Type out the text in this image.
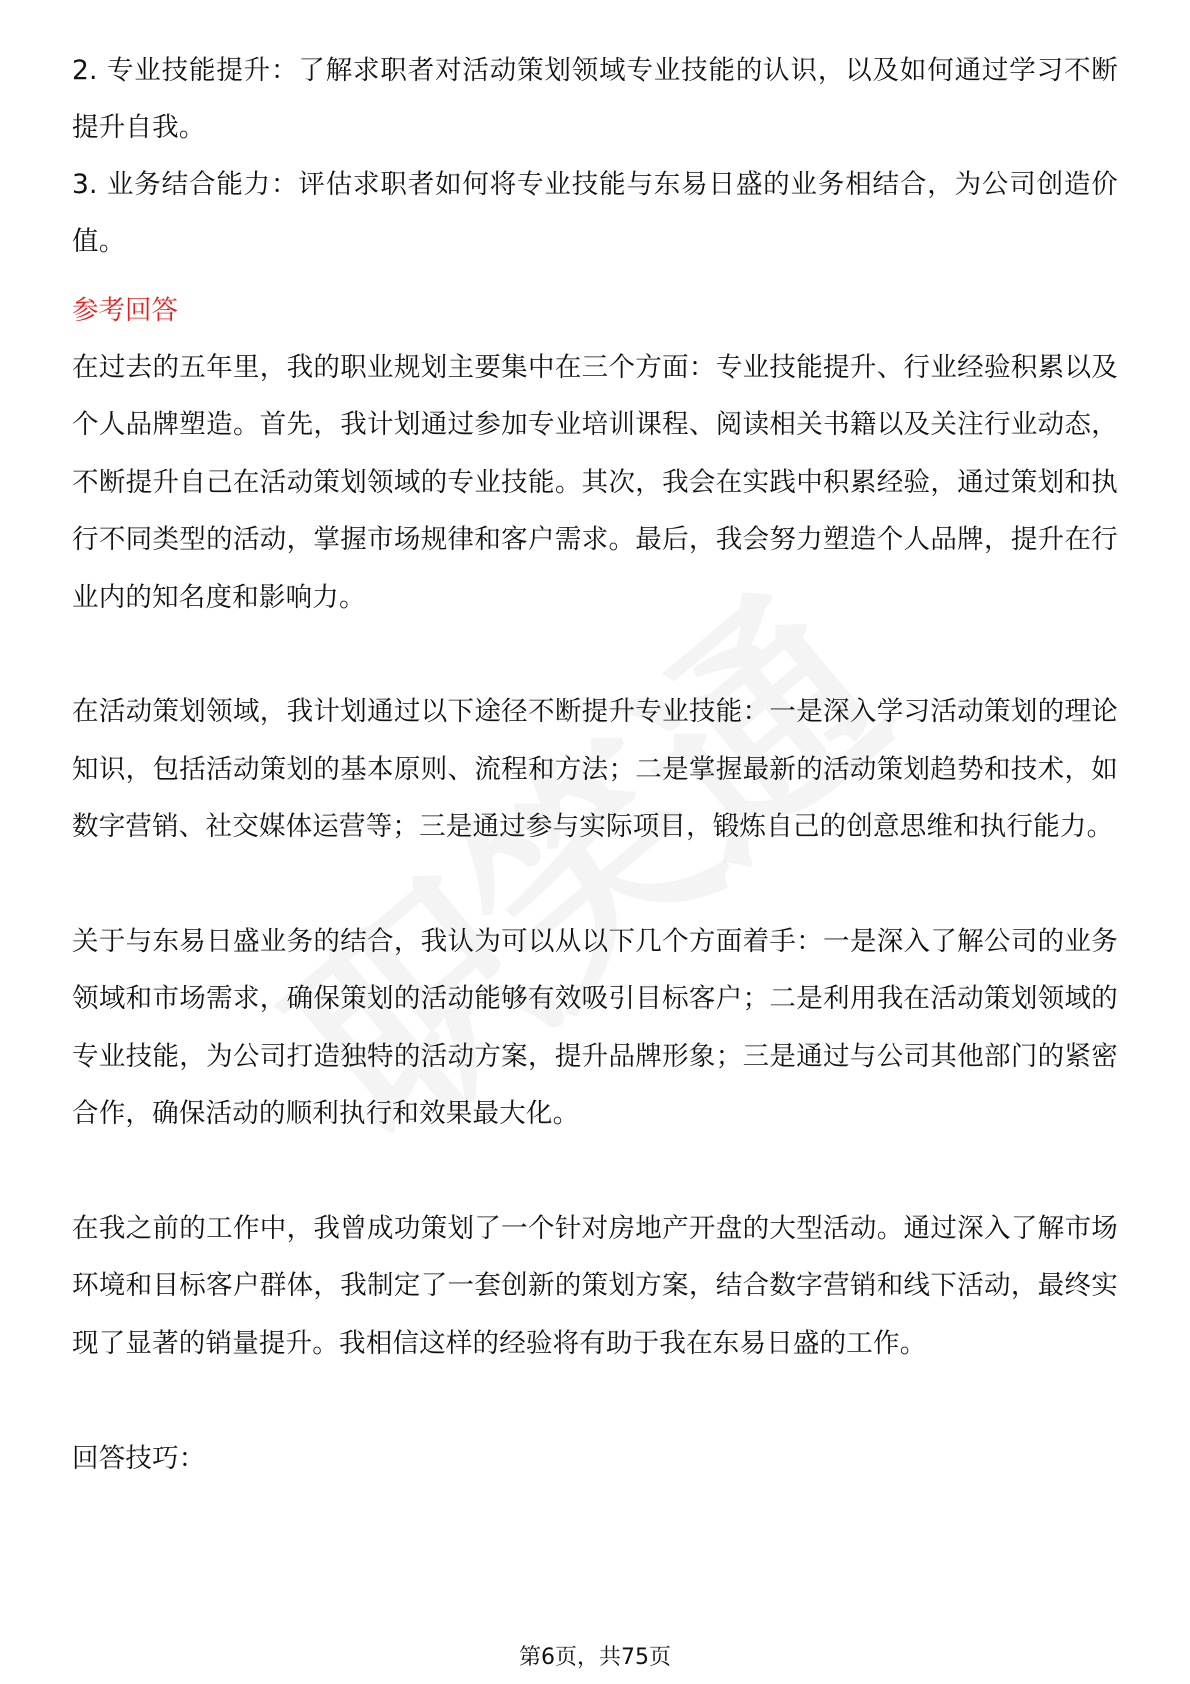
2. 专业技能提升：了解求职者对活动策划领域专业技能的认识，以及如何通过学习不断提升自我。

3. 业务结合能力：评估求职者如何将专业技能与东易日盛的业务相结合，为公司创造价值。

参考回答

在过去的五年里，我的职业规划主要集中在三个方面：专业技能提升、行业经验积累以及个人品牌塑造。首先，我计划通过参加专业培训课程、阅读相关书籍以及关注行业动态，不断提升自己在活动策划领域的专业技能。其次，我会在实践中积累经验，通过策划和执行不同类型的活动，掌握市场规律和客户需求。最后，我会努力塑造个人品牌，提升在行业内的知名度和影响力。

在活动策划领域，我计划通过以下途径不断提升专业技能：一是深入学习活动策划的理论知识，包括活动策划的基本原则、流程和方法；二是掌握最新的活动策划趋势和技术，如数字营销、社交媒体运营等；三是通过参与实际项目，锻炼自己的创意思维和执行能力。

关于与东易日盛业务的结合，我认为可以从以下几个方面着手：一是深入了解公司的业务领域和市场需求，确保策划的活动能够有效吸引目标客户；二是利用我在活动策划领域的专业技能，为公司打造独特的活动方案，提升品牌形象；三是通过与公司其他部门的紧密合作，确保活动的顺利执行和效果最大化。

在我之前的工作中，我曾成功策划了一个针对房地产开盘的大型活动。通过深入了解市场环境和目标客户群体，我制定了一套创新的策划方案，结合数字营销和线下活动，最终实现了显著的销量提升。我相信这样的经验将有助于我在东易日盛的工作。

回答技巧：

第6页，共75页
